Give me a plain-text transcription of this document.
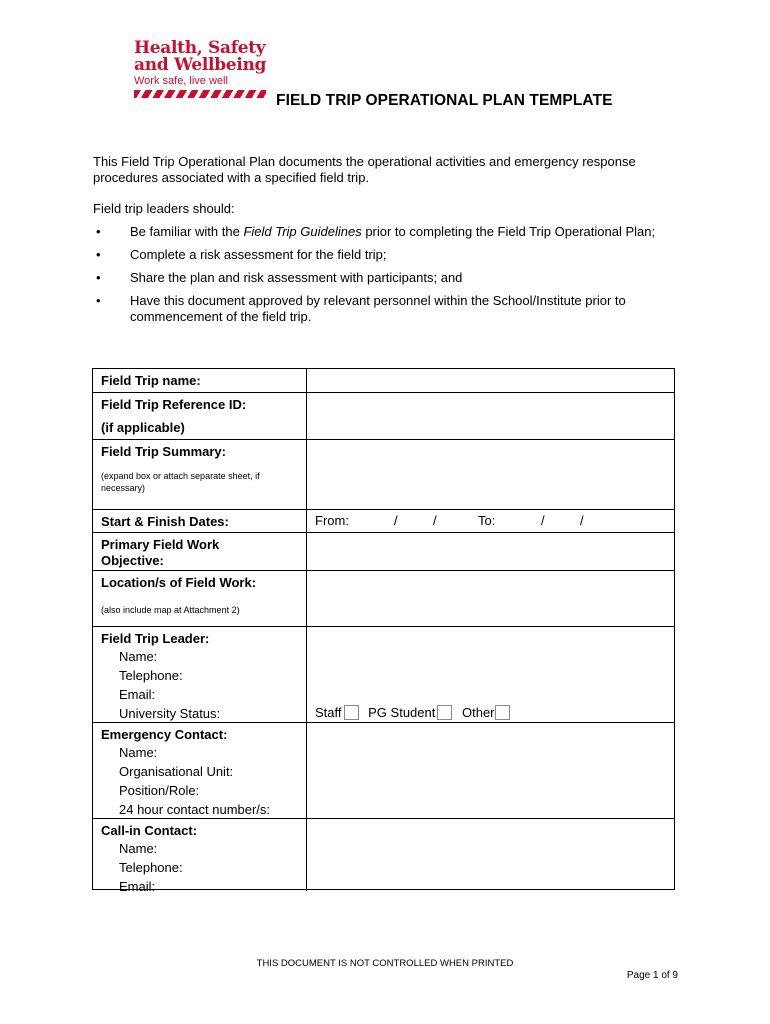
Health, Safety
and Wellbeing
Work safe, live well
FIELD TRIP OPERATIONAL PLAN TEMPLATE
This Field Trip Operational Plan documents the operational activities and emergency response procedures associated with a specified field trip.
Field trip leaders should:
• Be familiar with the Field Trip Guidelines prior to completing the Field Trip Operational Plan;
• Complete a risk assessment for the field trip;
• Share the plan and risk assessment with participants; and
• Have this document approved by relevant personnel within the School/Institute prior to commencement of the field trip.
Field Trip name:
Field Trip Reference ID:
(if applicable)
Field Trip Summary:
(expand box or attach separate sheet, if necessary)
Start & Finish Dates:	From:	/	/	To:	/	/
Primary Field Work Objective:
Location/s of Field Work:
(also include map at Attachment 2)
Field Trip Leader:
Name:
Telephone:
Email:
University Status:	Staff PG Student Other
Emergency Contact:
Name:
Organisational Unit:
Position/Role:
24 hour contact number/s:
Call-in Contact:
Name:
Telephone:
Email:
THIS DOCUMENT IS NOT CONTROLLED WHEN PRINTED
Page 1 of 9
